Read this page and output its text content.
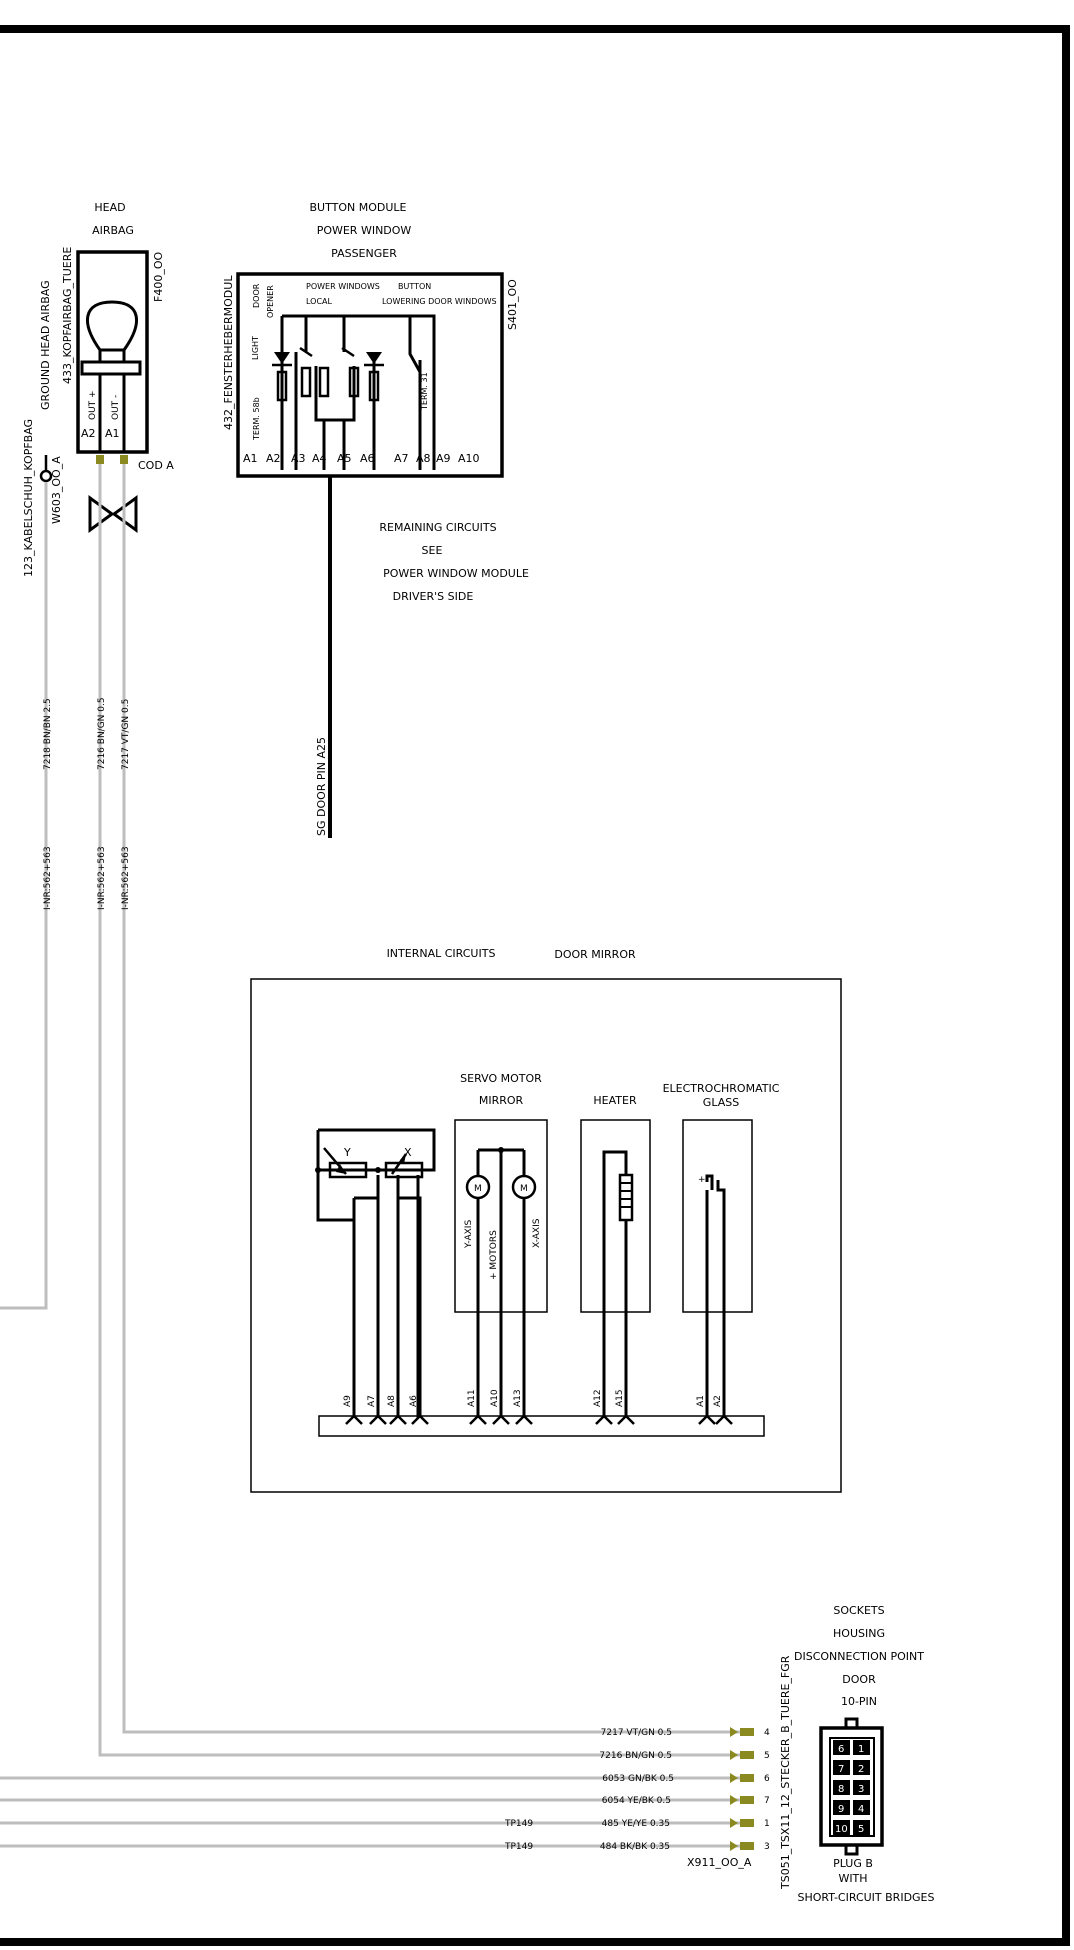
HEAD
AIRBAG
OUT + OUT -
A2 A1
F400_OO
433_KOPFAIRBAG_TUERE
GROUND HEAD AIRBAG
COD A
W603_OO_A
123_KABELSCHUH_KOPFBAG
7218 BN/BN 2.5	7216 BN/GN 0.5 7217 VT/GN 0.5
I-NR:562+563	I-NR:562+563 I-NR:562+563
BUTTON MODULE
POWER WINDOW
PASSENGER
S401_OO
432_FENSTERHEBERMODUL DOOR OPENER
LIGHT
POWER WINDOWS
LOCAL
BUTTON
LOWERING DOOR WINDOWS
TERM. 58b
TERM. 31
A1 A2 A3 A4 A5 A6 A7 A8 A9 A10
SG DOOR PIN A25
REMAINING CIRCUITS
SEE
POWER WINDOW MODULE
DRIVER'S SIDE
INTERNAL CIRCUITS	DOOR MIRROR
SERVO MOTOR
MIRROR	HEATER
ELECTROCHROMATIC
GLASS
Y	X
M	M
Y-AXIS + MOTORS	X-AXIS
+
A9 A7 A8 A6	A11 A10 A13	A12 A15	A1 A2
SOCKETS
HOUSING
DISCONNECTION POINT
DOOR
10-PIN
TS051_TSX11_12_STECKER_B_TUERE_FGR
X911_OO_A	PLUG B
WITH
SHORT-CIRCUIT BRIDGES
6 1
7 2
8 3
9 4
10 5
7217 VT/GN 0.5	4
7216 BN/GN 0.5	5
6053 GN/BK 0.5	6
6054 YE/BK 0.5	7
TP149	485 YE/YE 0.35	1
TP149	484 BK/BK 0.35	3
